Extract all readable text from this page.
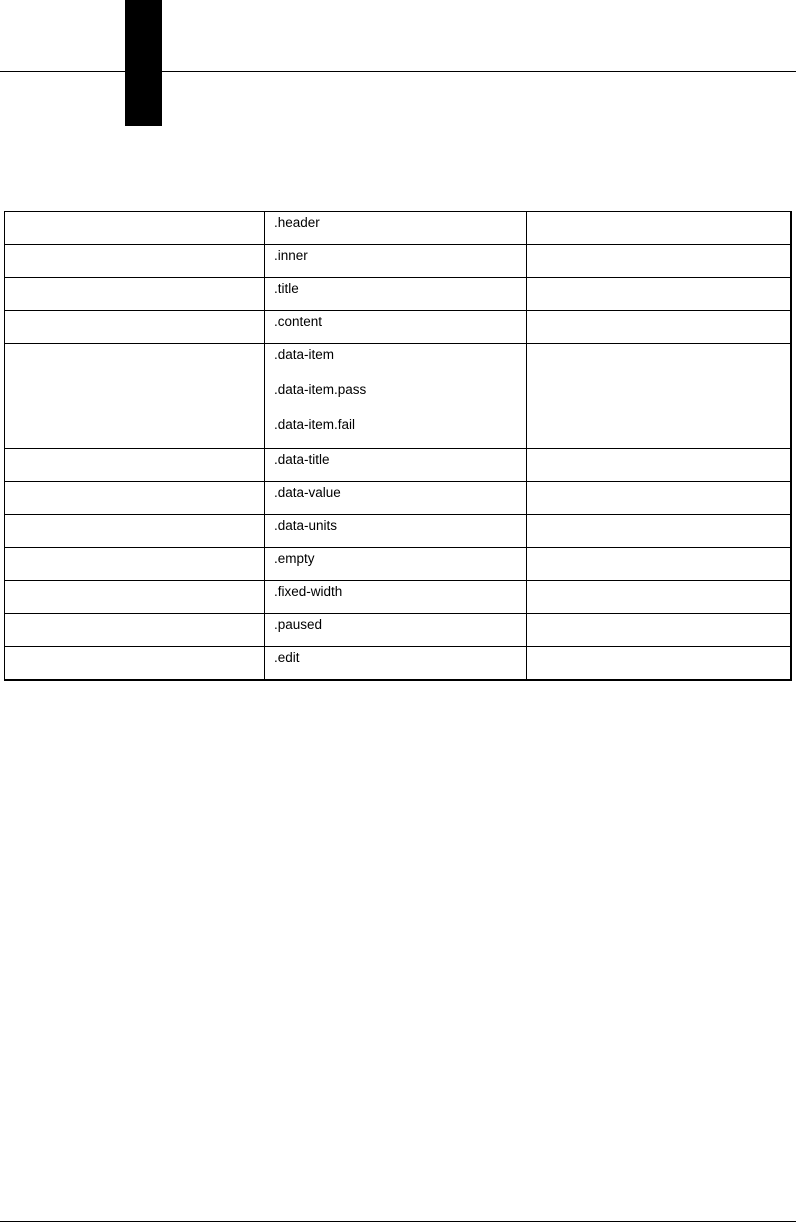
	.header	

	.inner	

	.title	

	.content	

	.data-item
.data-item.pass
.data-item.fail	

	.data-title	

	.data-value	

	.data-units	

	.empty	

	.fixed-width	

	.paused	

	.edit	
